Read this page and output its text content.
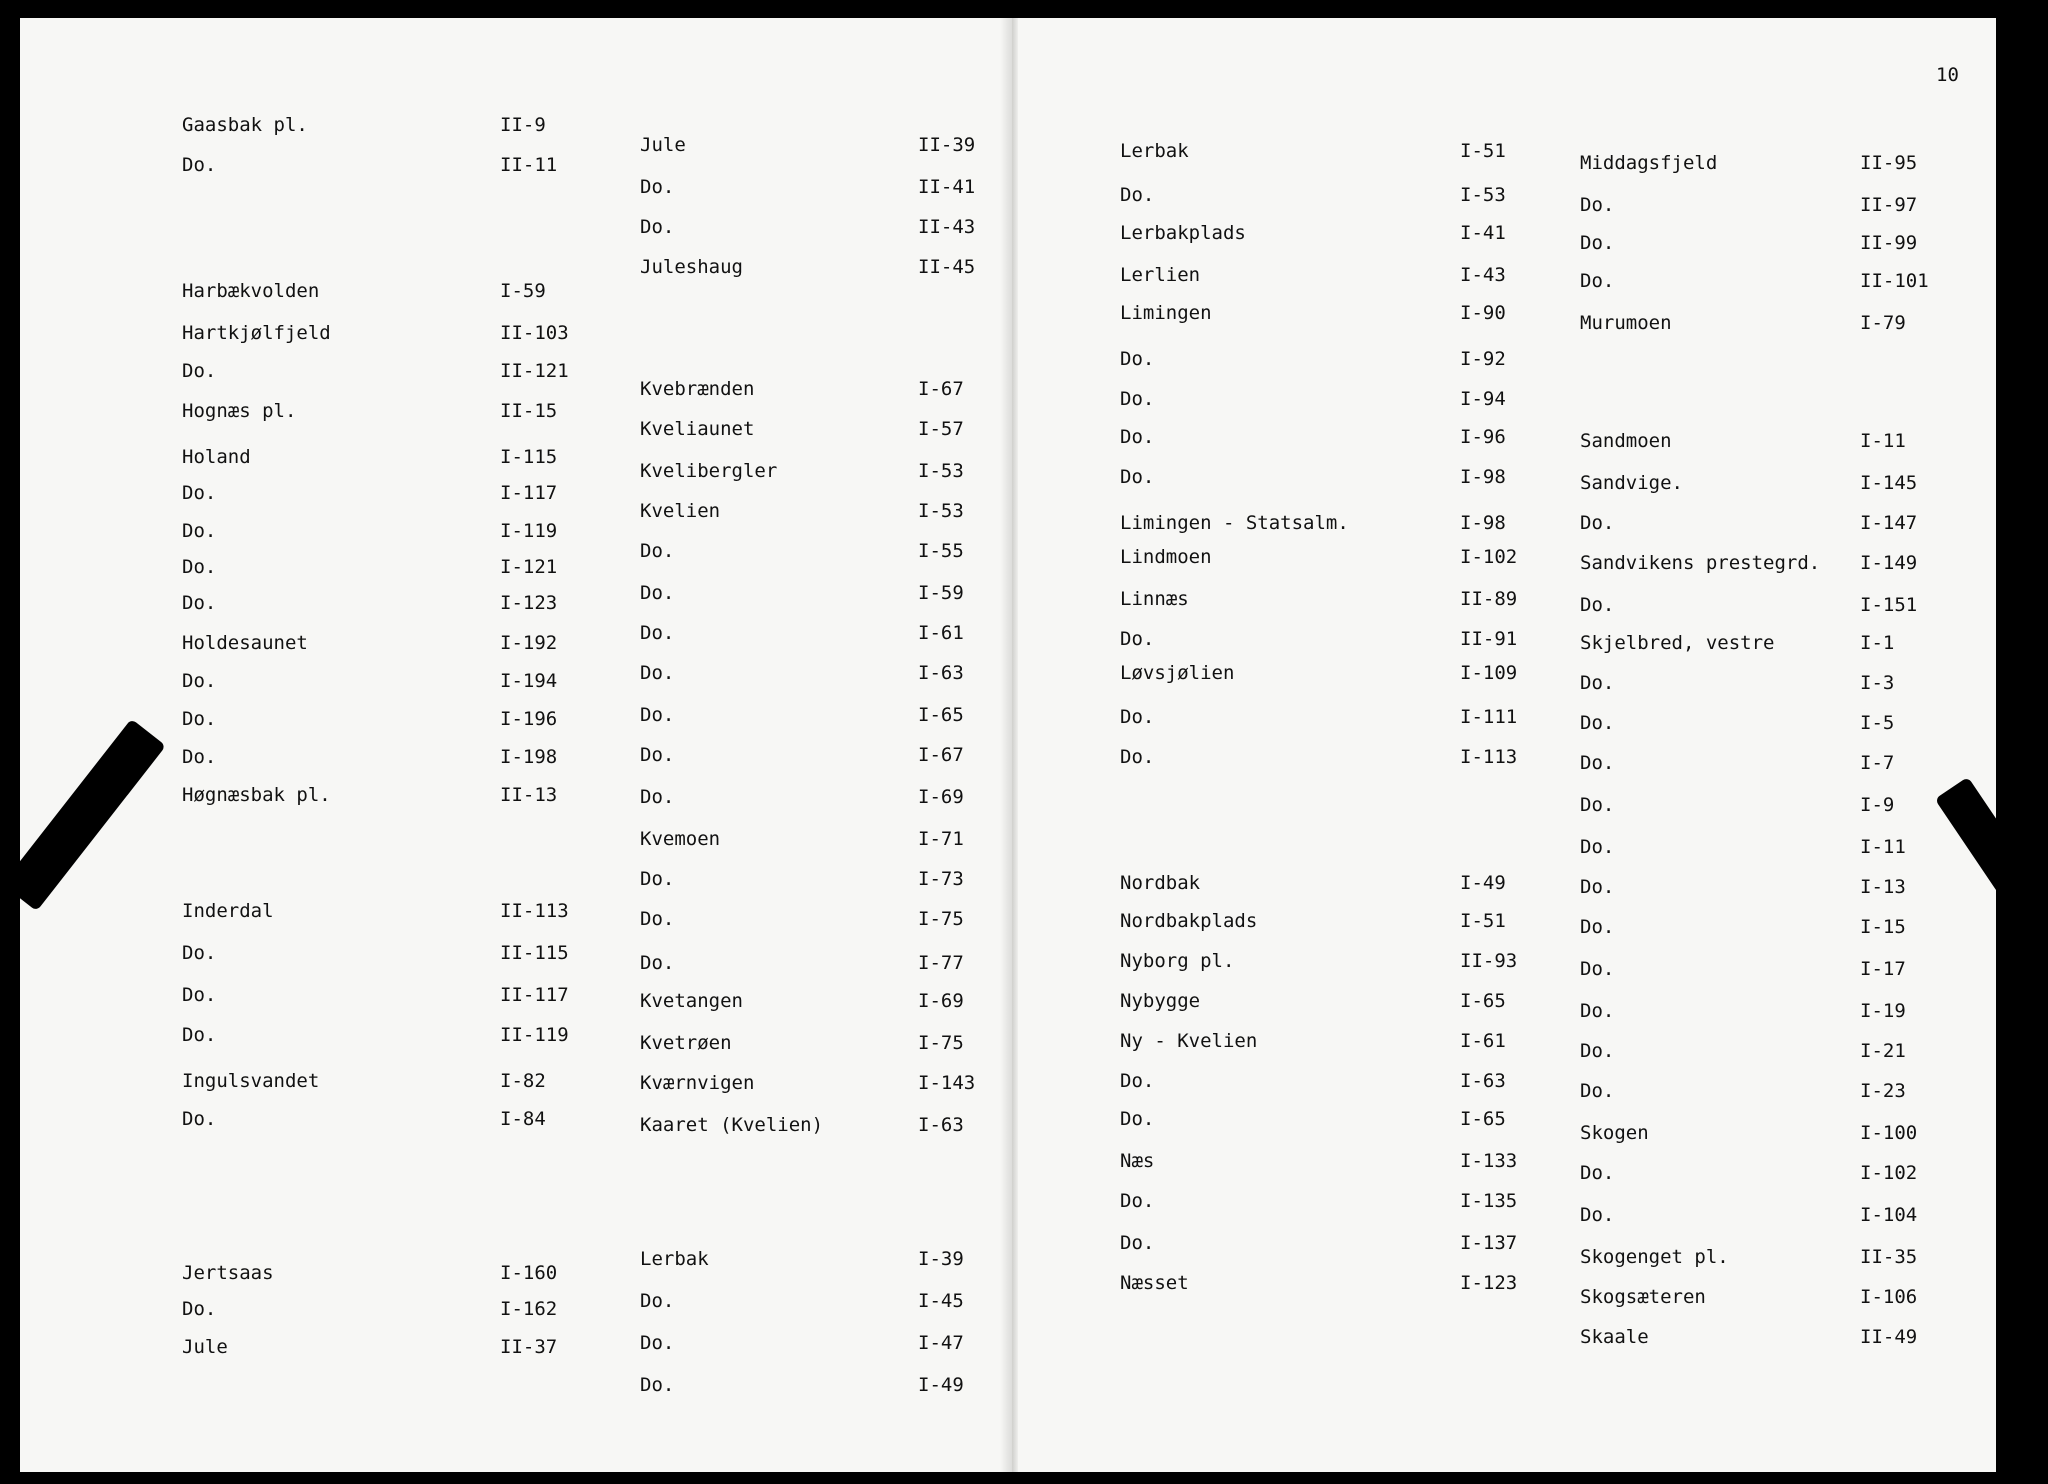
Gaasbak pl.	II-9
Do.	II-11
Harbækvolden	I-59
Hartkjølfjeld	II-103
Do.	II-121
Hognæs pl.	II-15
Holand	I-115
Do.	I-117
Do.	I-119
Do.	I-121
Do.	I-123
Holdesaunet	I-192
Do.	I-194
Do.	I-196
Do.	I-198
Høgnæsbak pl.	II-13
Inderdal	II-113
Do.	II-115
Do.	II-117
Do.	II-119
Ingulsvandet	I-82
Do.	I-84
Jertsaas	I-160
Do.	I-162
Jule	II-37
Jule	II-39
Do.	II-41
Do.	II-43
Juleshaug	II-45
Kvebrænden	I-67
Kveliaunet	I-57
Kvelibergler	I-53
Kvelien	I-53
Do.	I-55
Do.	I-59
Do.	I-61
Do.	I-63
Do.	I-65
Do.	I-67
Do.	I-69
Kvemoen	I-71
Do.	I-73
Do.	I-75
Do.	I-77
Kvetangen	I-69
Kvetrøen	I-75
Kværnvigen	I-143
Kaaret (Kvelien)	I-63
Lerbak	I-39
Do.	I-45
Do.	I-47
Do.	I-49
10
Lerbak	I-51
Do.	I-53
Lerbakplads	I-41
Lerlien	I-43
Limingen	I-90
Do.	I-92
Do.	I-94
Do.	I-96
Do.	I-98
Limingen - Statsalm.	I-98
Lindmoen	I-102
Linnæs	II-89
Do.	II-91
Løvsjølien	I-109
Do.	I-111
Do.	I-113
Nordbak	I-49
Nordbakplads	I-51
Nyborg pl.	II-93
Nybygge	I-65
Ny - Kvelien	I-61
Do.	I-63
Do.	I-65
Næs	I-133
Do.	I-135
Do.	I-137
Næsset	I-123
Middagsfjeld	II-95
Do.	II-97
Do.	II-99
Do.	II-101
Murumoen	I-79
Sandmoen	I-11
Sandvige.	I-145
Do.	I-147
Sandvikens prestegrd. I-149
Do.	I-151
Skjelbred, vestre	I-1
Do.	I-3
Do.	I-5
Do.	I-7
Do.	I-9
Do.	I-11
Do.	I-13
Do.	I-15
Do.	I-17
Do.	I-19
Do.	I-21
Do.	I-23
Skogen	I-100
Do.	I-102
Do.	I-104
Skogenget pl.	II-35
Skogsæteren	I-106
Skaale	II-49
